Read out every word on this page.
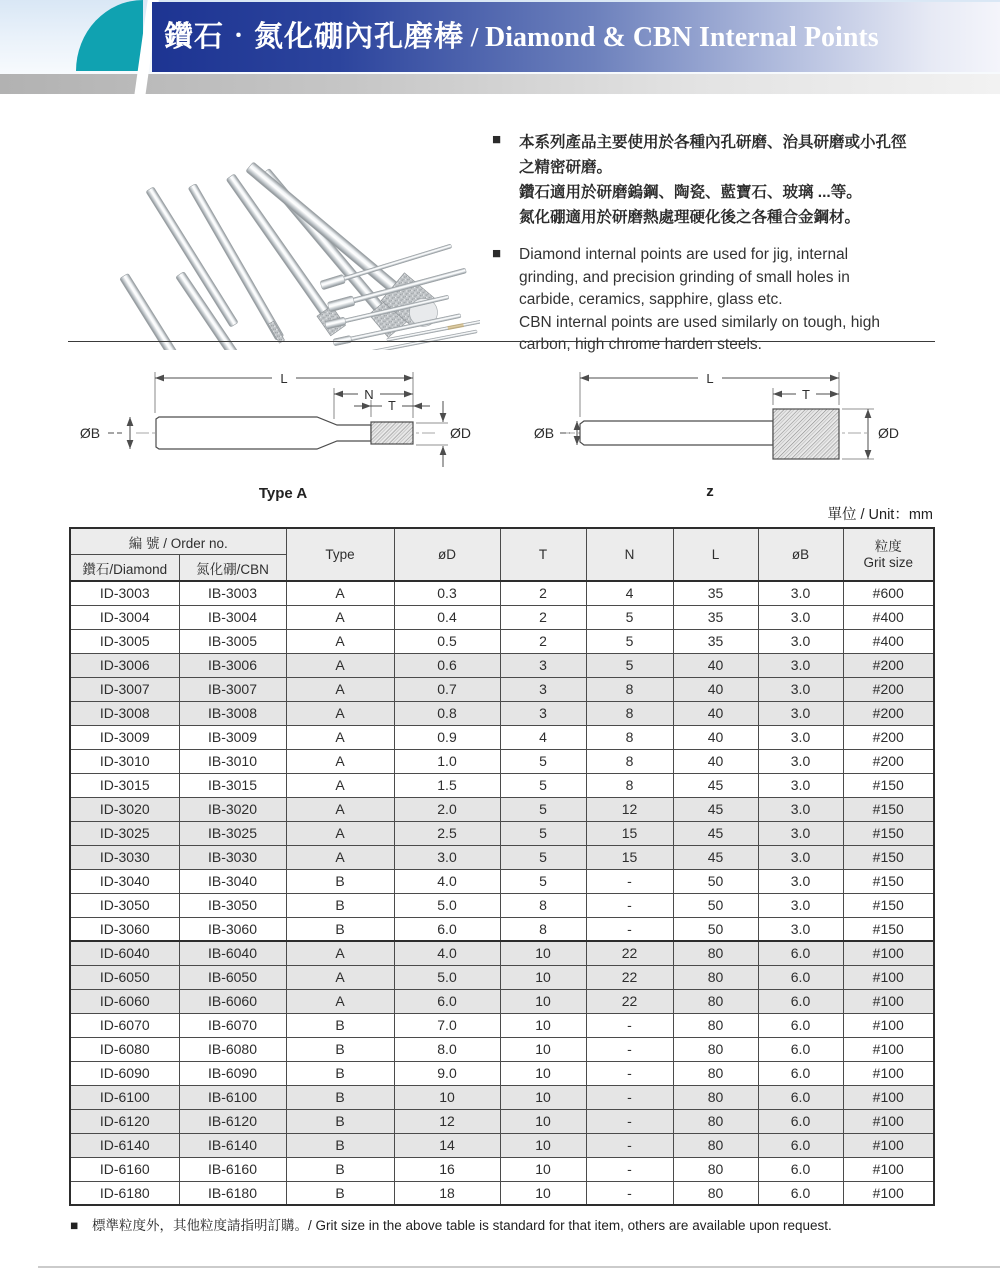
鑽石‧氮化硼內孔磨棒 / Diamond & CBN Internal Points
■ 本系列產品主要使用於各種內孔研磨、治具研磨或小孔徑
之精密研磨。
鑽石適用於研磨鎢鋼、陶瓷、藍寶石、玻璃 ...等。
氮化硼適用於研磨熱處理硬化後之各種合金鋼材。
■ Diamond internal points are used for jig, internal
grinding, and precision grinding of small holes in
carbide, ceramics, sapphire, glass etc.
CBN internal points are used similarly on tough, high
carbon, high chrome harden steels.
L
N
T
ØB	ØD
Type A
L
T
ØB	ØD
z
單位 / Unit：mm
編 號 / Order no.		Type	øD	T	N	L	øB	粒度
Grit size

鑽石/Diamond	氮化硼/CBN							
ID-3003	IB-3003	A	0.3	2	4	35	3.0	#600
ID-3004	IB-3004	A	0.4	2	5	35	3.0	#400
ID-3005	IB-3005	A	0.5	2	5	35	3.0	#400
ID-3006	IB-3006	A	0.6	3	5	40	3.0	#200
ID-3007	IB-3007	A	0.7	3	8	40	3.0	#200
ID-3008	IB-3008	A	0.8	3	8	40	3.0	#200
ID-3009	IB-3009	A	0.9	4	8	40	3.0	#200
ID-3010	IB-3010	A	1.0	5	8	40	3.0	#200
ID-3015	IB-3015	A	1.5	5	8	45	3.0	#150
ID-3020	IB-3020	A	2.0	5	12	45	3.0	#150
ID-3025	IB-3025	A	2.5	5	15	45	3.0	#150
ID-3030	IB-3030	A	3.0	5	15	45	3.0	#150
ID-3040	IB-3040	B	4.0	5	-	50	3.0	#150
ID-3050	IB-3050	B	5.0	8	-	50	3.0	#150
ID-3060	IB-3060	B	6.0	8	-	50	3.0	#150
ID-6040	IB-6040	A	4.0	10	22	80	6.0	#100
ID-6050	IB-6050	A	5.0	10	22	80	6.0	#100
ID-6060	IB-6060	A	6.0	10	22	80	6.0	#100
ID-6070	IB-6070	B	7.0	10	-	80	6.0	#100
ID-6080	IB-6080	B	8.0	10	-	80	6.0	#100
ID-6090	IB-6090	B	9.0	10	-	80	6.0	#100
ID-6100	IB-6100	B	10	10	-	80	6.0	#100
ID-6120	IB-6120	B	12	10	-	80	6.0	#100
ID-6140	IB-6140	B	14	10	-	80	6.0	#100
ID-6160	IB-6160	B	16	10	-	80	6.0	#100
ID-6180	IB-6180	B	18	10	-	80	6.0	#100
■ 標準粒度外，其他粒度請指明訂購。/ Grit size in the above table is standard for that item, others are available upon request.
